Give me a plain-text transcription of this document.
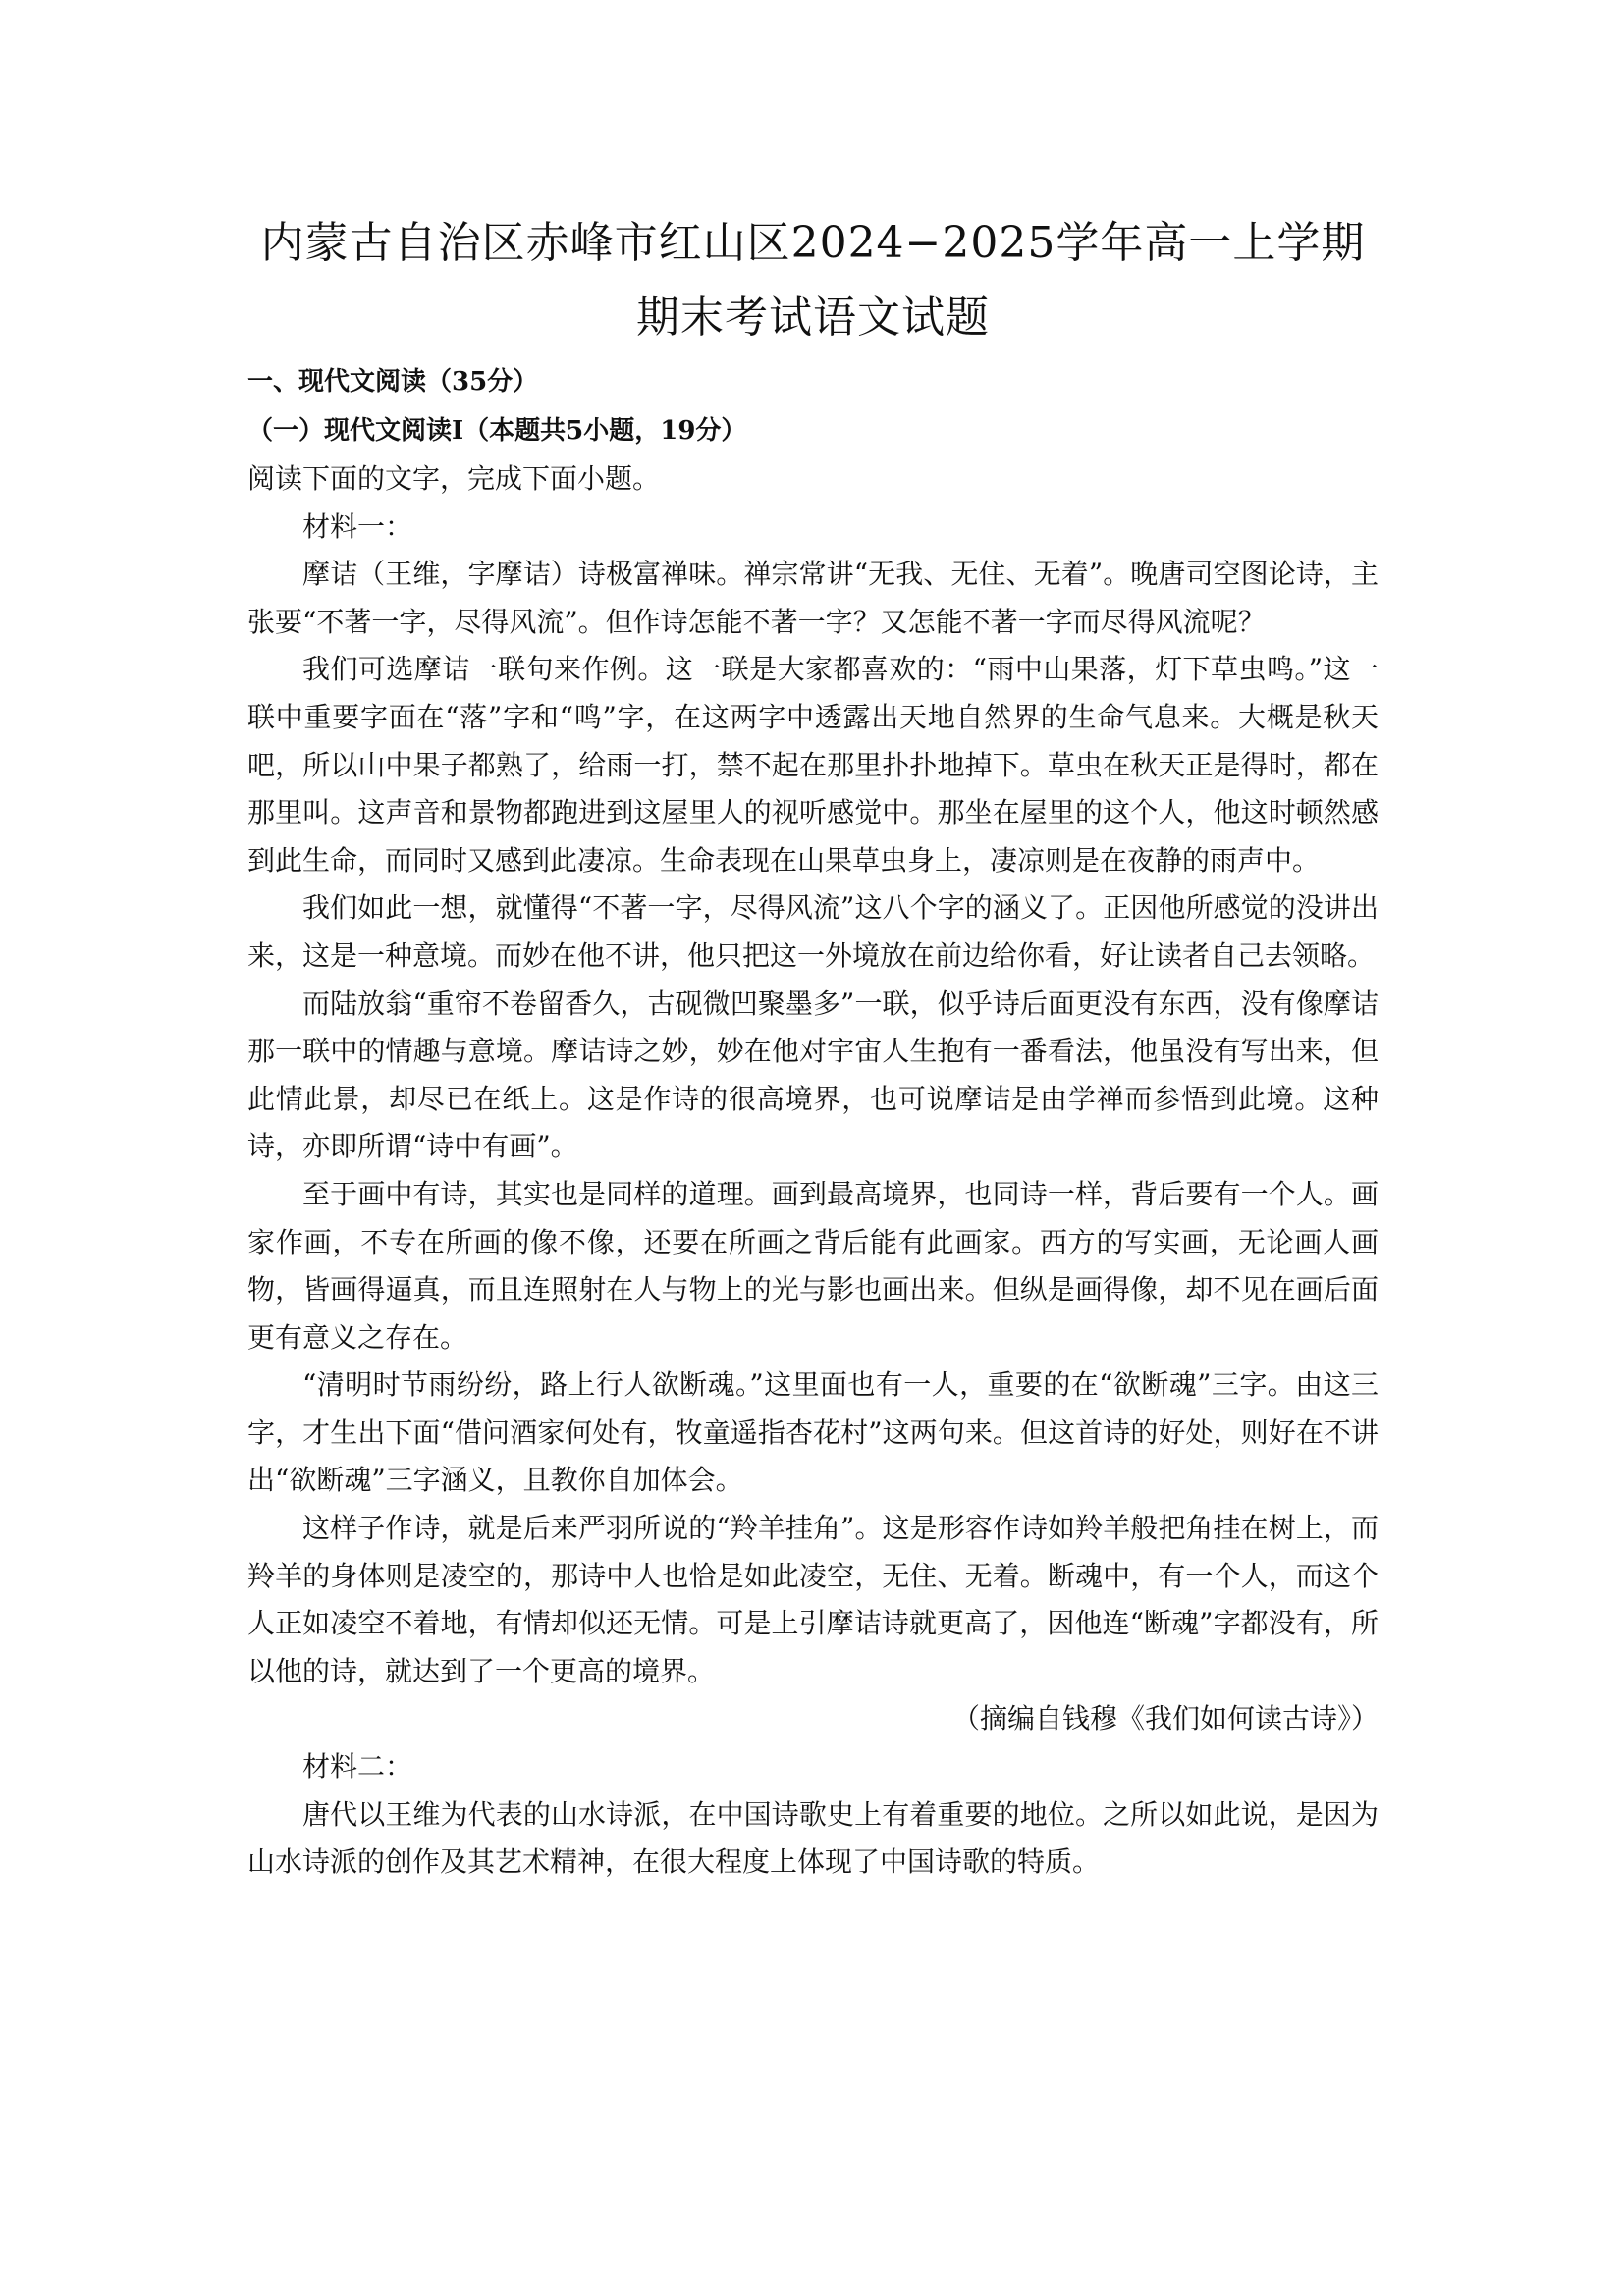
内蒙古自治区赤峰市红山区2024−2025学年高一上学期
期末考试语文试题

一、现代文阅读（35分）

（一）现代文阅读Ⅰ（本题共5小题，19分）

阅读下面的文字，完成下面小题。

材料一：

摩诘（王维，字摩诘）诗极富禅味。禅宗常讲“无我、无住、无着”。晚唐司空图论诗，主张要“不著一字，尽得风流”。但作诗怎能不著一字？又怎能不著一字而尽得风流呢？

我们可选摩诘一联句来作例。这一联是大家都喜欢的：“雨中山果落，灯下草虫鸣。”这一联中重要字面在“落”字和“鸣”字，在这两字中透露出天地自然界的生命气息来。大概是秋天吧，所以山中果子都熟了，给雨一打，禁不起在那里扑扑地掉下。草虫在秋天正是得时，都在那里叫。这声音和景物都跑进到这屋里人的视听感觉中。那坐在屋里的这个人，他这时顿然感到此生命，而同时又感到此凄凉。生命表现在山果草虫身上，凄凉则是在夜静的雨声中。

我们如此一想，就懂得“不著一字，尽得风流”这八个字的涵义了。正因他所感觉的没讲出来，这是一种意境。而妙在他不讲，他只把这一外境放在前边给你看，好让读者自己去领略。

而陆放翁“重帘不卷留香久，古砚微凹聚墨多”一联，似乎诗后面更没有东西，没有像摩诘那一联中的情趣与意境。摩诘诗之妙，妙在他对宇宙人生抱有一番看法，他虽没有写出来，但此情此景，却尽已在纸上。这是作诗的很高境界，也可说摩诘是由学禅而参悟到此境。这种诗，亦即所谓“诗中有画”。

至于画中有诗，其实也是同样的道理。画到最高境界，也同诗一样，背后要有一个人。画家作画，不专在所画的像不像，还要在所画之背后能有此画家。西方的写实画，无论画人画物，皆画得逼真，而且连照射在人与物上的光与影也画出来。但纵是画得像，却不见在画后面更有意义之存在。

“清明时节雨纷纷，路上行人欲断魂。”这里面也有一人，重要的在“欲断魂”三字。由这三字，才生出下面“借问酒家何处有，牧童遥指杏花村”这两句来。但这首诗的好处，则好在不讲出“欲断魂”三字涵义，且教你自加体会。

这样子作诗，就是后来严羽所说的“羚羊挂角”。这是形容作诗如羚羊般把角挂在树上，而羚羊的身体则是凌空的，那诗中人也恰是如此凌空，无住、无着。断魂中，有一个人，而这个人正如凌空不着地，有情却似还无情。可是上引摩诘诗就更高了，因他连“断魂”字都没有，所以他的诗，就达到了一个更高的境界。

（摘编自钱穆《我们如何读古诗》）

材料二：

唐代以王维为代表的山水诗派，在中国诗歌史上有着重要的地位。之所以如此说，是因为山水诗派的创作及其艺术精神，在很大程度上体现了中国诗歌的特质。
